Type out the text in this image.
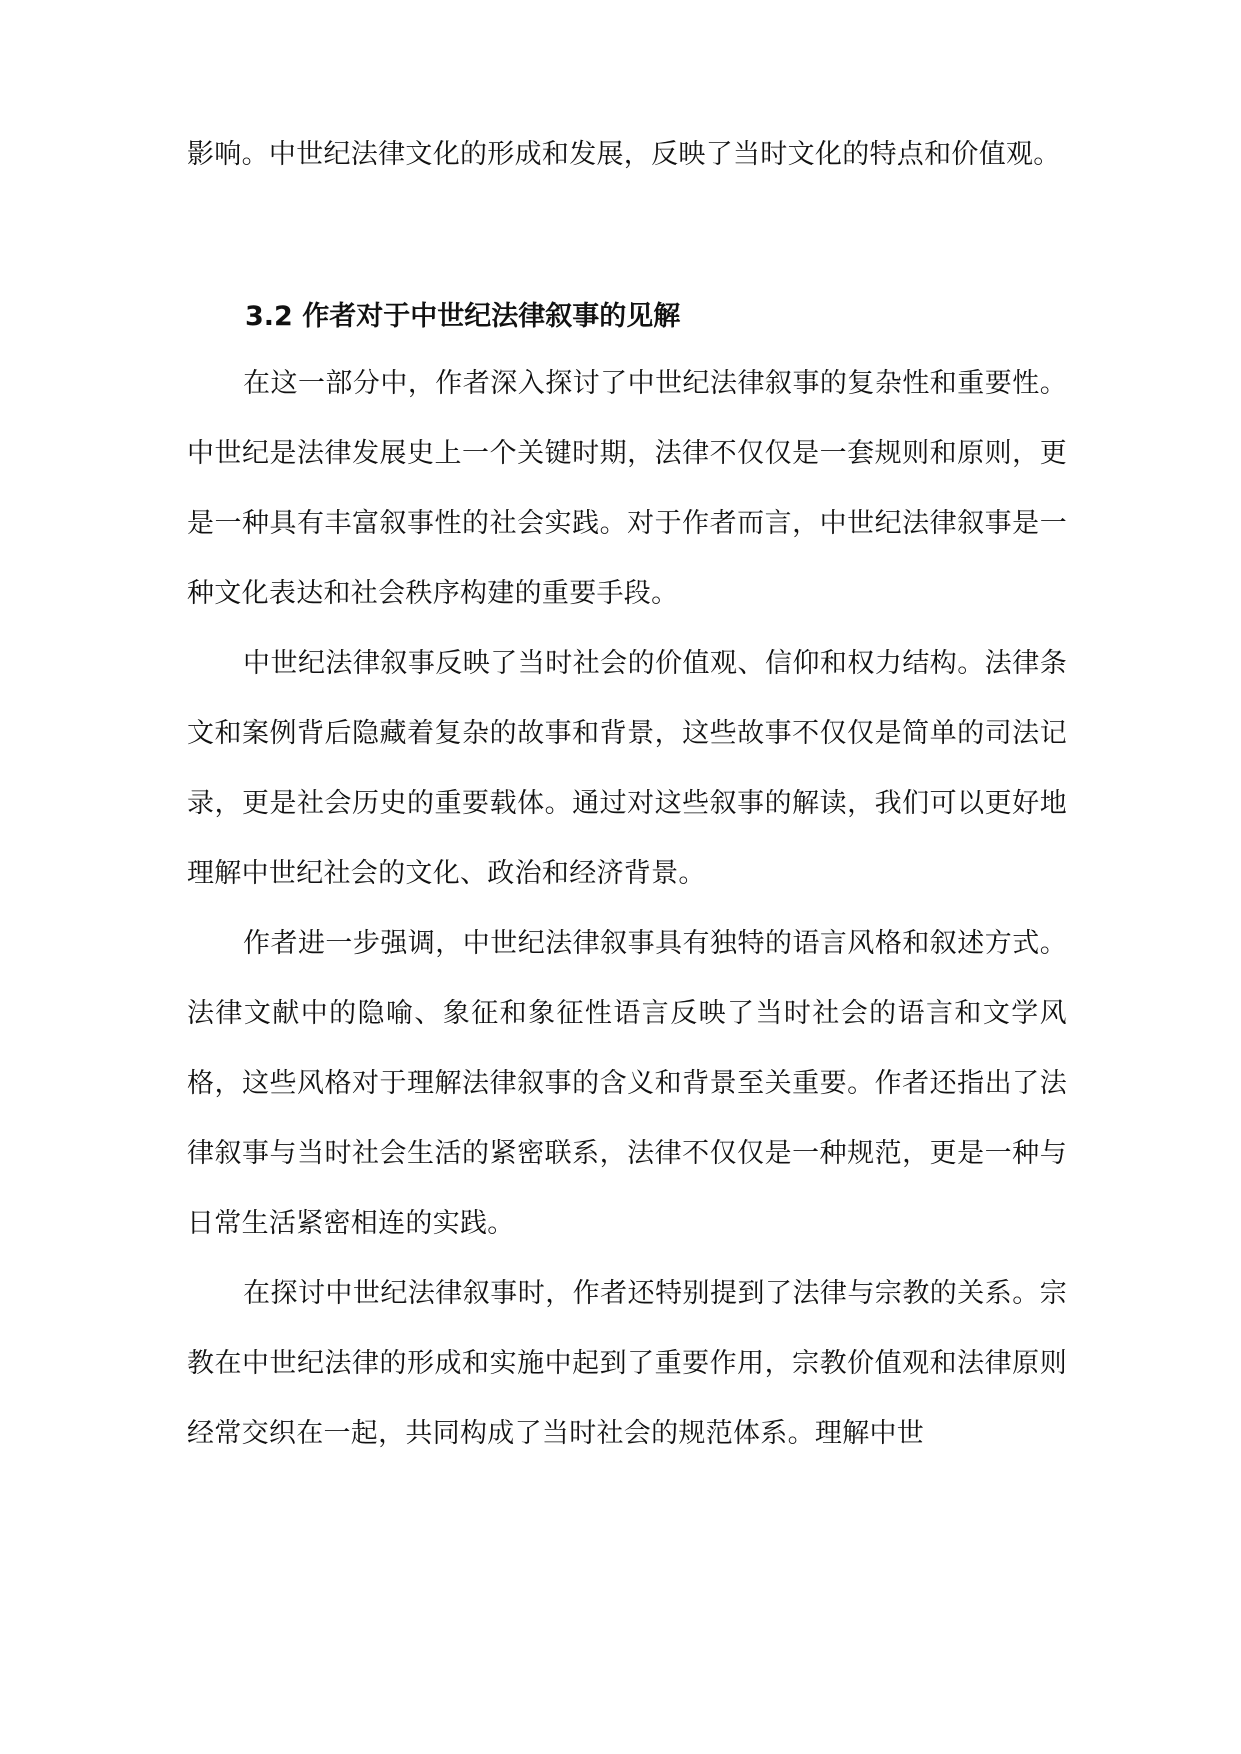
影响。中世纪法律文化的形成和发展，反映了当时文化的特点和价值观。

3.2 作者对于中世纪法律叙事的见解

在这一部分中，作者深入探讨了中世纪法律叙事的复杂性和重要性。中世纪是法律发展史上一个关键时期，法律不仅仅是一套规则和原则，更是一种具有丰富叙事性的社会实践。对于作者而言，中世纪法律叙事是一种文化表达和社会秩序构建的重要手段。

中世纪法律叙事反映了当时社会的价值观、信仰和权力结构。法律条文和案例背后隐藏着复杂的故事和背景，这些故事不仅仅是简单的司法记录，更是社会历史的重要载体。通过对这些叙事的解读，我们可以更好地理解中世纪社会的文化、政治和经济背景。

作者进一步强调，中世纪法律叙事具有独特的语言风格和叙述方式。法律文献中的隐喻、象征和象征性语言反映了当时社会的语言和文学风格，这些风格对于理解法律叙事的含义和背景至关重要。作者还指出了法律叙事与当时社会生活的紧密联系，法律不仅仅是一种规范，更是一种与日常生活紧密相连的实践。

在探讨中世纪法律叙事时，作者还特别提到了法律与宗教的关系。宗教在中世纪法律的形成和实施中起到了重要作用，宗教价值观和法律原则经常交织在一起，共同构成了当时社会的规范体系。理解中世
